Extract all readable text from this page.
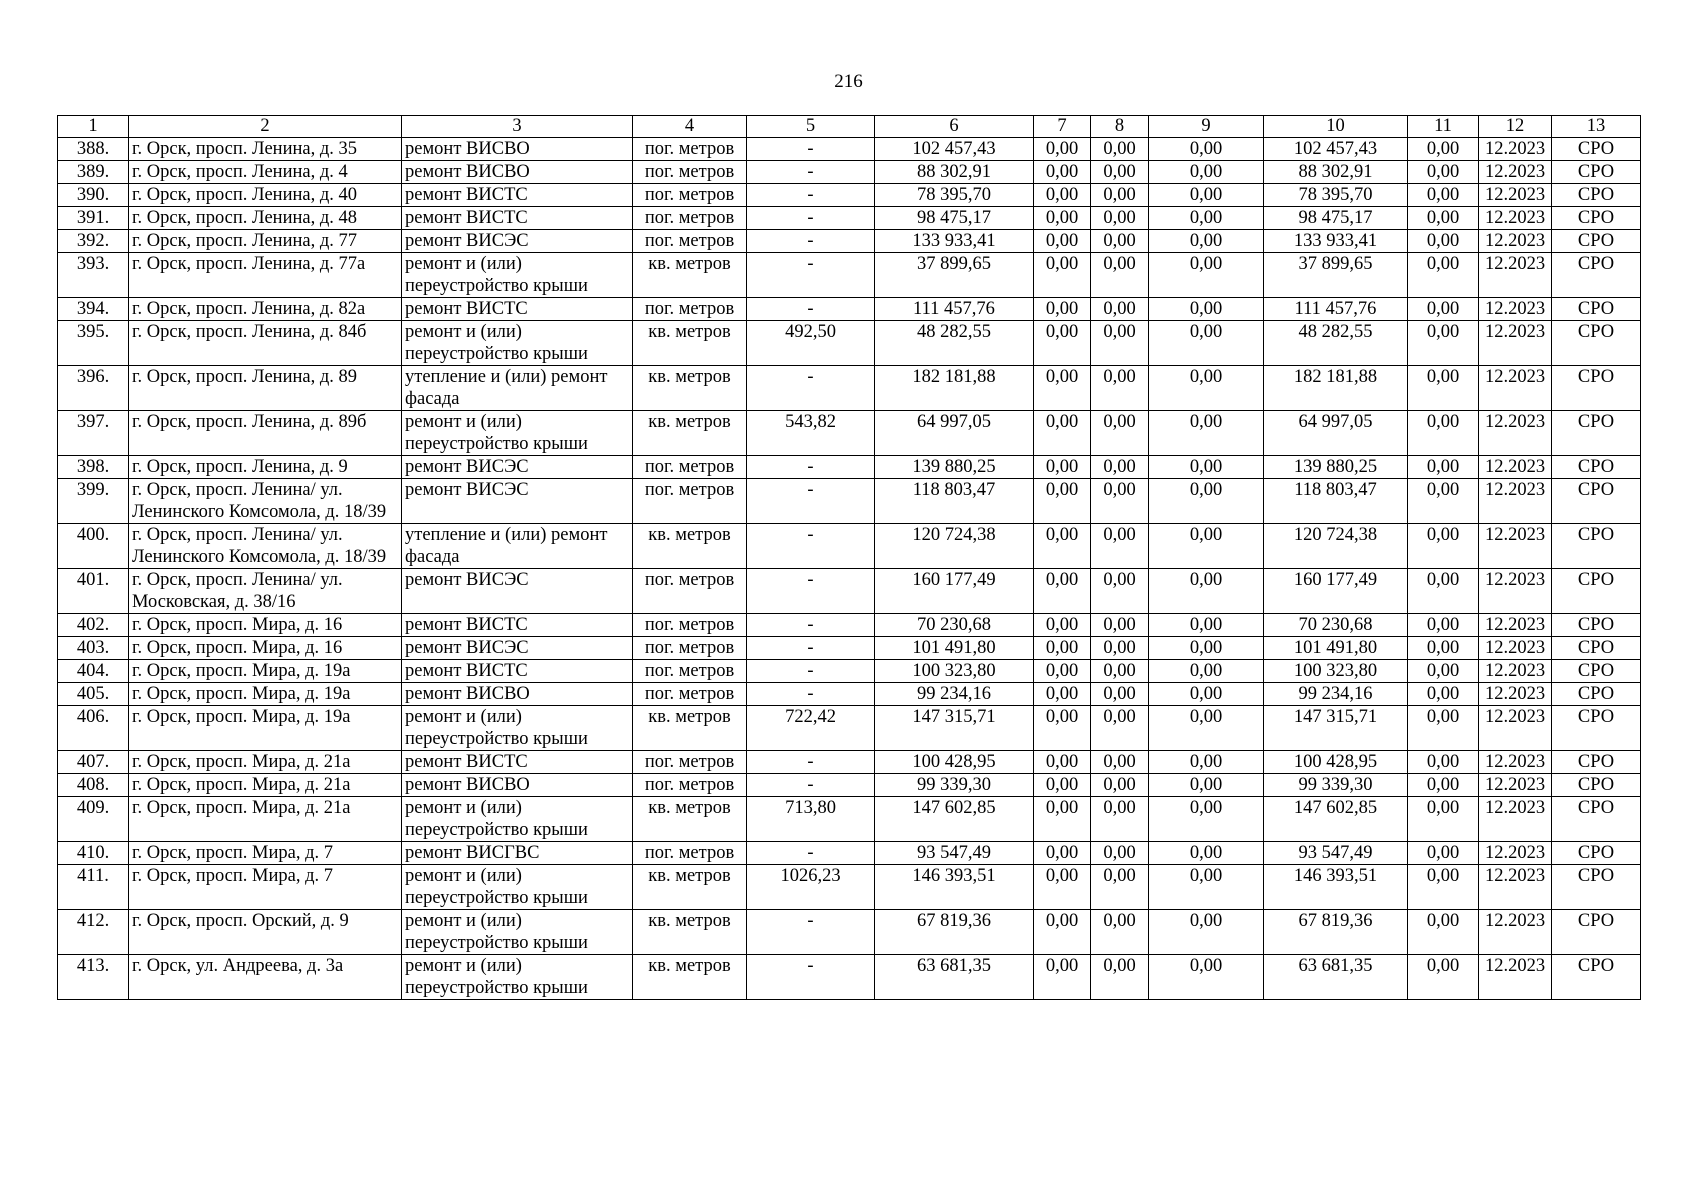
216
1	2	3	4	5	6	7	8	9	10	11	12	13
388.	г. Орск, просп. Ленина, д. 35	ремонт ВИСВО	пог. метров	-	102 457,43	0,00	0,00	0,00	102 457,43	0,00	12.2023	СРО
389.	г. Орск, просп. Ленина, д. 4	ремонт ВИСВО	пог. метров	-	88 302,91	0,00	0,00	0,00	88 302,91	0,00	12.2023	СРО
390.	г. Орск, просп. Ленина, д. 40	ремонт ВИСТС	пог. метров	-	78 395,70	0,00	0,00	0,00	78 395,70	0,00	12.2023	СРО
391.	г. Орск, просп. Ленина, д. 48	ремонт ВИСТС	пог. метров	-	98 475,17	0,00	0,00	0,00	98 475,17	0,00	12.2023	СРО
392.	г. Орск, просп. Ленина, д. 77	ремонт ВИСЭС	пог. метров	-	133 933,41	0,00	0,00	0,00	133 933,41	0,00	12.2023	СРО
393.	г. Орск, просп. Ленина, д. 77а	ремонт и (или) переустройство крыши	кв. метров	-	37 899,65	0,00	0,00	0,00	37 899,65	0,00	12.2023	СРО
394.	г. Орск, просп. Ленина, д. 82а	ремонт ВИСТС	пог. метров	-	111 457,76	0,00	0,00	0,00	111 457,76	0,00	12.2023	СРО
395.	г. Орск, просп. Ленина, д. 84б	ремонт и (или) переустройство крыши	кв. метров	492,50	48 282,55	0,00	0,00	0,00	48 282,55	0,00	12.2023	СРО
396.	г. Орск, просп. Ленина, д. 89	утепление и (или) ремонт фасада	кв. метров	-	182 181,88	0,00	0,00	0,00	182 181,88	0,00	12.2023	СРО
397.	г. Орск, просп. Ленина, д. 89б	ремонт и (или) переустройство крыши	кв. метров	543,82	64 997,05	0,00	0,00	0,00	64 997,05	0,00	12.2023	СРО
398.	г. Орск, просп. Ленина, д. 9	ремонт ВИСЭС	пог. метров	-	139 880,25	0,00	0,00	0,00	139 880,25	0,00	12.2023	СРО
399.	г. Орск, просп. Ленина/ ул. Ленинского Комсомола, д. 18/39	ремонт ВИСЭС	пог. метров	-	118 803,47	0,00	0,00	0,00	118 803,47	0,00	12.2023	СРО
400.	г. Орск, просп. Ленина/ ул. Ленинского Комсомола, д. 18/39	утепление и (или) ремонт фасада	кв. метров	-	120 724,38	0,00	0,00	0,00	120 724,38	0,00	12.2023	СРО
401.	г. Орск, просп. Ленина/ ул. Московская, д. 38/16	ремонт ВИСЭС	пог. метров	-	160 177,49	0,00	0,00	0,00	160 177,49	0,00	12.2023	СРО
402.	г. Орск, просп. Мира, д. 16	ремонт ВИСТС	пог. метров	-	70 230,68	0,00	0,00	0,00	70 230,68	0,00	12.2023	СРО
403.	г. Орск, просп. Мира, д. 16	ремонт ВИСЭС	пог. метров	-	101 491,80	0,00	0,00	0,00	101 491,80	0,00	12.2023	СРО
404.	г. Орск, просп. Мира, д. 19а	ремонт ВИСТС	пог. метров	-	100 323,80	0,00	0,00	0,00	100 323,80	0,00	12.2023	СРО
405.	г. Орск, просп. Мира, д. 19а	ремонт ВИСВО	пог. метров	-	99 234,16	0,00	0,00	0,00	99 234,16	0,00	12.2023	СРО
406.	г. Орск, просп. Мира, д. 19а	ремонт и (или) переустройство крыши	кв. метров	722,42	147 315,71	0,00	0,00	0,00	147 315,71	0,00	12.2023	СРО
407.	г. Орск, просп. Мира, д. 21а	ремонт ВИСТС	пог. метров	-	100 428,95	0,00	0,00	0,00	100 428,95	0,00	12.2023	СРО
408.	г. Орск, просп. Мира, д. 21а	ремонт ВИСВО	пог. метров	-	99 339,30	0,00	0,00	0,00	99 339,30	0,00	12.2023	СРО
409.	г. Орск, просп. Мира, д. 21а	ремонт и (или) переустройство крыши	кв. метров	713,80	147 602,85	0,00	0,00	0,00	147 602,85	0,00	12.2023	СРО
410.	г. Орск, просп. Мира, д. 7	ремонт ВИСГВС	пог. метров	-	93 547,49	0,00	0,00	0,00	93 547,49	0,00	12.2023	СРО
411.	г. Орск, просп. Мира, д. 7	ремонт и (или) переустройство крыши	кв. метров	1026,23	146 393,51	0,00	0,00	0,00	146 393,51	0,00	12.2023	СРО
412.	г. Орск, просп. Орский, д. 9	ремонт и (или) переустройство крыши	кв. метров	-	67 819,36	0,00	0,00	0,00	67 819,36	0,00	12.2023	СРО
413.	г. Орск, ул. Андреева, д. 3а	ремонт и (или) переустройство крыши	кв. метров	-	63 681,35	0,00	0,00	0,00	63 681,35	0,00	12.2023	СРО
